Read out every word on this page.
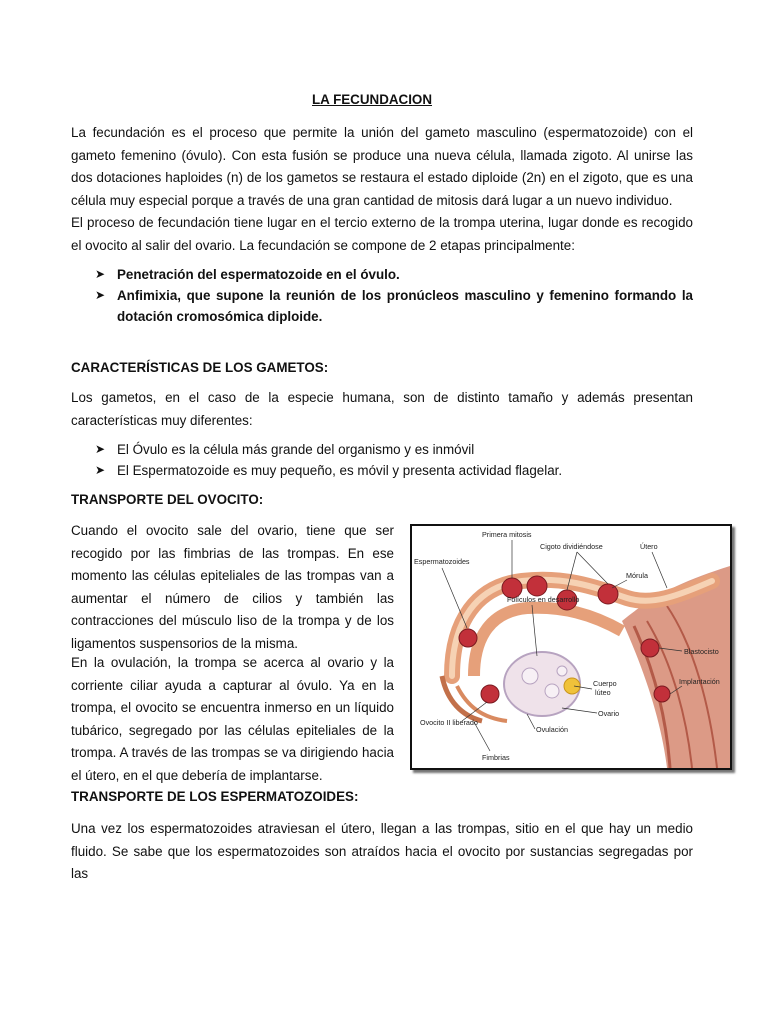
LA FECUNDACION

La fecundación es el proceso que permite la unión del gameto masculino (espermatozoide) con el gameto femenino (óvulo). Con esta fusión se produce una nueva célula, llamada zigoto. Al unirse las dos dotaciones haploides (n) de los gametos se restaura el estado diploide (2n) en el zigoto, que es una célula muy especial porque a través de una gran cantidad de mitosis dará lugar a un nuevo individuo.

El proceso de fecundación tiene lugar en el tercio externo de la trompa uterina, lugar donde es recogido el ovocito al salir del ovario. La fecundación se compone de 2 etapas principalmente:

➤ Penetración del espermatozoide en el óvulo.
➤ Anfimixia, que supone la reunión de los pronúcleos masculino y femenino formando la dotación cromosómica diploide.

CARACTERÍSTICAS DE LOS GAMETOS:

Los gametos, en el caso de la especie humana, son de distinto tamaño y además presentan características muy diferentes:

➤ El Óvulo es la célula más grande del organismo y es inmóvil
➤ El Espermatozoide es muy pequeño, es móvil y presenta actividad flagelar.

TRANSPORTE DEL OVOCITO:

Cuando el ovocito sale del ovario, tiene que ser recogido por las fimbrias de las trompas. En ese momento las células epiteliales de las trompas van a aumentar el número de cilios y también las contracciones del músculo liso de la trompa y de los ligamentos suspensorios de la misma.

En la ovulación, la trompa se acerca al ovario y la corriente ciliar ayuda a capturar al óvulo. Ya en la trompa, el ovocito se encuentra inmerso en un líquido tubárico, segregado por las células epiteliales de la trompa. A través de las trompas se va dirigiendo hacia el útero, en el que debería de implantarse.

Primera mitosis
Espermatozoides
Cigoto dividiéndose	Útero
Mórula
Folículos en desarrollo
Blastocisto
Cuerpo
lúteo
Implantación
Ovario
Ovocito II liberado
Ovulación
Fimbrias

TRANSPORTE DE LOS ESPERMATOZOIDES:

Una vez los espermatozoides atraviesan el útero, llegan a las trompas, sitio en el que hay un medio fluido. Se sabe que los espermatozoides son atraídos hacia el ovocito por sustancias segregadas por las
